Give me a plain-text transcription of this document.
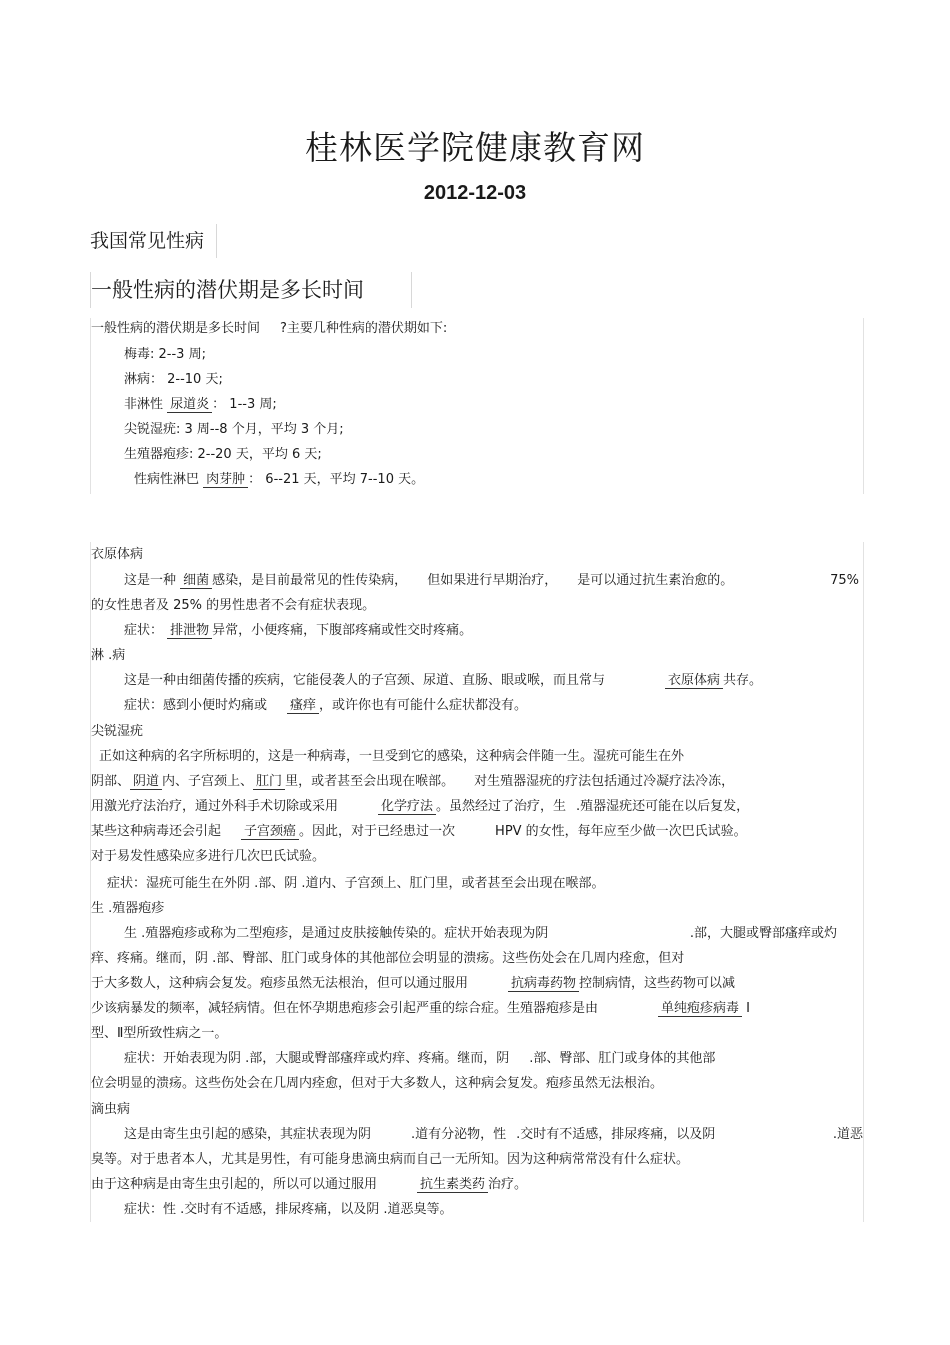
桂林医学院健康教育网
2012-12-03
我国常见性病
一般性病的潜伏期是多长时间
一般性病的潜伏期是多长时间 ?主要几种性病的潜伏期如下:
梅毒: 2--3 周;
淋病： 2--10 天;
非淋性 尿道炎 ： 1--3 周;
尖锐湿疣: 3 周--8 个月，平均 3 个月;
生殖器疱疹: 2--20 天，平均 6 天;
性病性淋巴 肉芽肿 ： 6--21 天，平均 7--10 天。
衣原体病
这是一种 细菌 感染，是目前最常见的性传染病， 但如果进行早期治疗， 是可以通过抗生素治愈的。	75%
的女性患者及 25% 的男性患者不会有症状表现。
症状： 排泄物 异常，小便疼痛，下腹部疼痛或性交时疼痛。
淋 .病
这是一种由细菌传播的疾病，它能侵袭人的子宫颈、尿道、直肠、眼或喉，而且常与	衣原体病 共存。
症状：感到小便时灼痛或 瘙痒 ，或许你也有可能什么症状都没有。
尖锐湿疣
正如这种病的名字所标明的，这是一种病毒，一旦受到它的感染，这种病会伴随一生。湿疣可能生在外
阴部、 阴道 内、子宫颈上、 肛门 里，或者甚至会出现在喉部。 对生殖器湿疣的疗法包括通过冷凝疗法冷冻，
用激光疗法治疗，通过外科手术切除或采用	化学疗法 。虽然经过了治疗，生 .殖器湿疣还可能在以后复发，
某些这种病毒还会引起 子宫颈癌 。因此，对于已经患过一次	HPV 的女性，每年应至少做一次巴氏试验。
对于易发性感染应多进行几次巴氏试验。
症状：湿疣可能生在外阴 .部、阴 .道内、子宫颈上、肛门里，或者甚至会出现在喉部。
生 .殖器疱疹
生 .殖器疱疹或称为二型疱疹，是通过皮肤接触传染的。症状开始表现为阴	.部，大腿或臀部瘙痒或灼
痒、疼痛。继而，阴 .部、臀部、肛门或身体的其他部位会明显的溃疡。这些伤处会在几周内痊愈，但对
于大多数人，这种病会复发。疱疹虽然无法根治，但可以通过服用	抗病毒药物 控制病情，这些药物可以减
少该病暴发的频率，减轻病情。但在怀孕期患疱疹会引起严重的综合症。生殖器疱疹是由	单纯疱疹病毒 Ⅰ
型、Ⅱ型所致性病之一。
症状：开始表现为阴 .部，大腿或臀部瘙痒或灼痒、疼痛。继而，阴 .部、臀部、肛门或身体的其他部
位会明显的溃疡。这些伤处会在几周内痊愈，但对于大多数人，这种病会复发。疱疹虽然无法根治。
滴虫病
这是由寄生虫引起的感染，其症状表现为阴	.道有分泌物，性 .交时有不适感，排尿疼痛，以及阴	.道恶
臭等。对于患者本人，尤其是男性，有可能身患滴虫病而自己一无所知。因为这种病常常没有什么症状。
由于这种病是由寄生虫引起的，所以可以通过服用	抗生素类药 治疗。
症状：性 .交时有不适感，排尿疼痛，以及阴 .道恶臭等。
